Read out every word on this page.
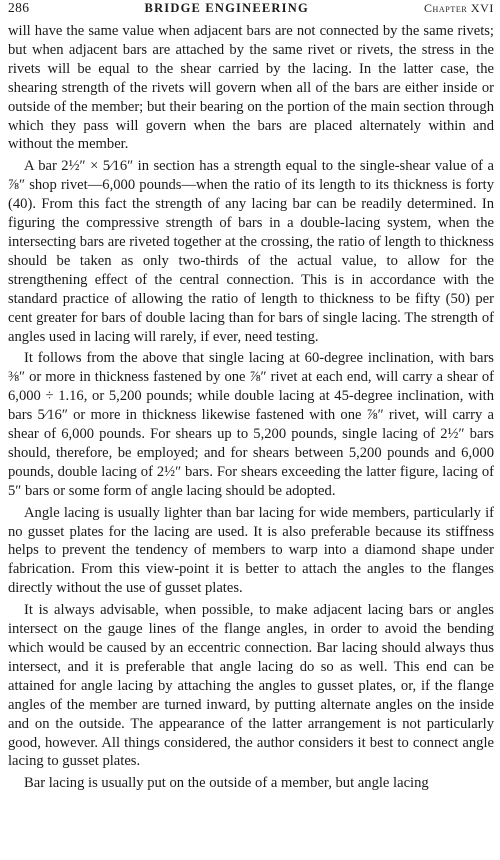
286	BRIDGE ENGINEERING	Chapter XVI

will have the same value when adjacent bars are not connected by the same rivets; but when adjacent bars are attached by the same rivet or rivets, the stress in the rivets will be equal to the shear carried by the lacing. In the latter case, the shearing strength of the rivets will govern when all of the bars are either inside or outside of the member; but their bearing on the portion of the main section through which they pass will govern when the bars are placed alternately within and without the member.

A bar 2½″ × 5⁄16″ in section has a strength equal to the single-shear value of a ⅞″ shop rivet—6,000 pounds—when the ratio of its length to its thickness is forty (40). From this fact the strength of any lacing bar can be readily determined. In figuring the compressive strength of bars in a double-lacing system, when the intersecting bars are riveted together at the crossing, the ratio of length to thickness should be taken as only two-thirds of the actual value, to allow for the strengthening effect of the central connection. This is in accordance with the standard practice of allowing the ratio of length to thickness to be fifty (50) per cent greater for bars of double lacing than for bars of single lacing. The strength of angles used in lacing will rarely, if ever, need testing.

It follows from the above that single lacing at 60-degree inclination, with bars ⅜″ or more in thickness fastened by one ⅞″ rivet at each end, will carry a shear of 6,000 ÷ 1.16, or 5,200 pounds; while double lacing at 45-degree inclination, with bars 5⁄16″ or more in thickness likewise fastened with one ⅞″ rivet, will carry a shear of 6,000 pounds. For shears up to 5,200 pounds, single lacing of 2½″ bars should, therefore, be employed; and for shears between 5,200 pounds and 6,000 pounds, double lacing of 2½″ bars. For shears exceeding the latter figure, lacing of 5″ bars or some form of angle lacing should be adopted.

Angle lacing is usually lighter than bar lacing for wide members, particularly if no gusset plates for the lacing are used. It is also preferable because its stiffness helps to prevent the tendency of members to warp into a diamond shape under fabrication. From this view-point it is better to attach the angles to the flanges directly without the use of gusset plates.

It is always advisable, when possible, to make adjacent lacing bars or angles intersect on the gauge lines of the flange angles, in order to avoid the bending which would be caused by an eccentric connection. Bar lacing should always thus intersect, and it is preferable that angle lacing do so as well. This end can be attained for angle lacing by attaching the angles to gusset plates, or, if the flange angles of the member are turned inward, by putting alternate angles on the inside and on the outside. The appearance of the latter arrangement is not particularly good, however. All things considered, the author considers it best to connect angle lacing to gusset plates.

Bar lacing is usually put on the outside of a member, but angle lacing
